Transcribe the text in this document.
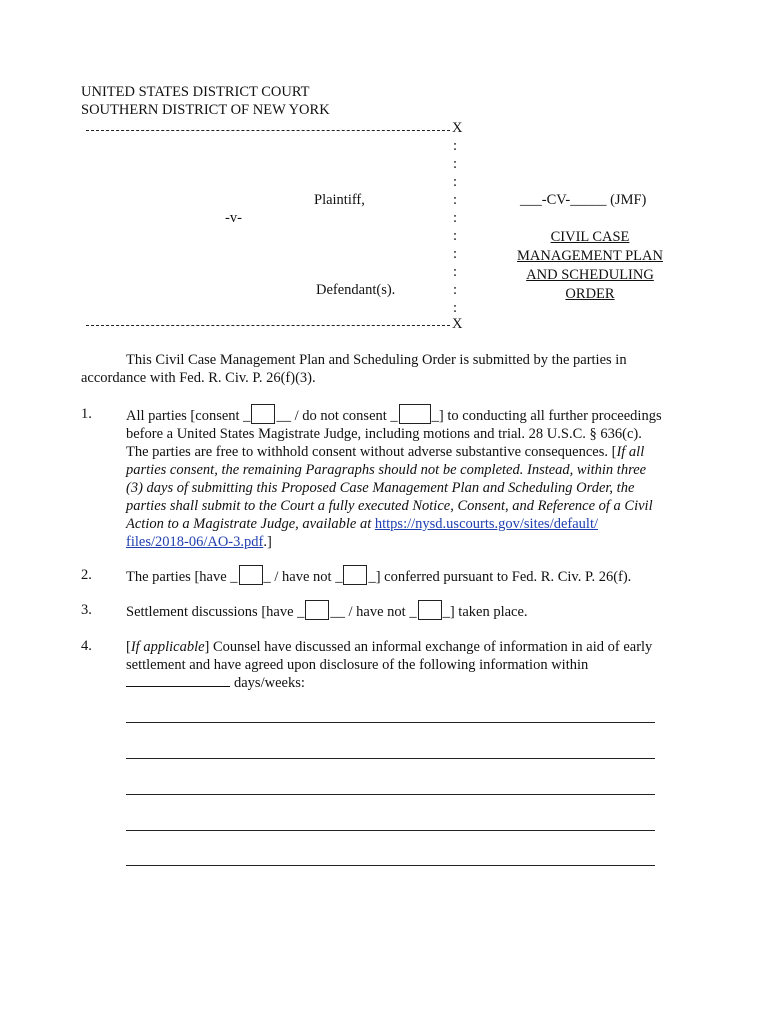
UNITED STATES DISTRICT COURT
SOUTHERN DISTRICT OF NEW YORK
X
:
:
:
:
:
:
:
:
:
:
Plaintiff,
-v-
Defendant(s).
X
___-CV-_____ (JMF)
CIVIL CASE
MANAGEMENT PLAN
AND SCHEDULING
ORDER
This Civil Case Management Plan and Scheduling Order is submitted by the parties in
accordance with Fed. R. Civ. P. 26(f)(3).
1. All parties [consent _ __ / do not consent _ _] to conducting all further proceedings
before a United States Magistrate Judge, including motions and trial. 28 U.S.C. § 636(c).
The parties are free to withhold consent without adverse substantive consequences. [If all
parties consent, the remaining Paragraphs should not be completed. Instead, within three
(3) days of submitting this Proposed Case Management Plan and Scheduling Order, the
parties shall submit to the Court a fully executed Notice, Consent, and Reference of a Civil
Action to a Magistrate Judge, available at https://nysd.uscourts.gov/sites/default/
files/2018-06/AO-3.pdf.]
2. The parties [have _ _ / have not _ _] conferred pursuant to Fed. R. Civ. P. 26(f).
3. Settlement discussions [have _ __ / have not _ _] taken place.
4. [If applicable] Counsel have discussed an informal exchange of information in aid of early
settlement and have agreed upon disclosure of the following information within
days/weeks:
